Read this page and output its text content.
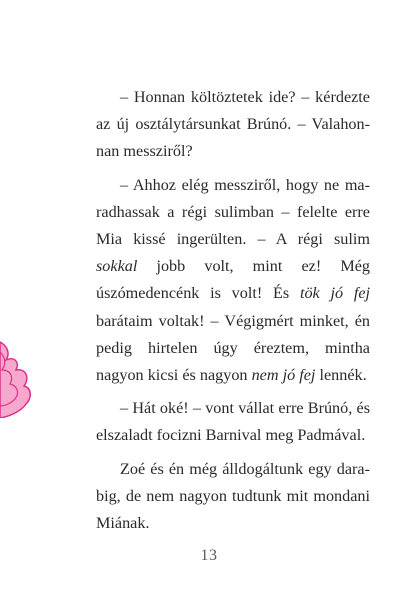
– Honnan költöztetek ide? – kérdezte az új osztálytársunkat Brúnó. – Valahonnan messziről?

– Ahhoz elég messziről, hogy ne maradhassak a régi sulimban – felelte erre Mia kissé ingerülten. – A régi sulim sokkal jobb volt, mint ez! Még úszómedencénk is volt! És tök jó fej barátaim voltak! – Végigmért minket, én pedig hirtelen úgy éreztem, mintha nagyon kicsi és nagyon nem jó fej lennék.

– Hát oké! – vont vállat erre Brúnó, és elszaladt focizni Barnival meg Padmával.

Zoé és én még álldogáltunk egy darabig, de nem nagyon tudtunk mit mondani Miának.

13
